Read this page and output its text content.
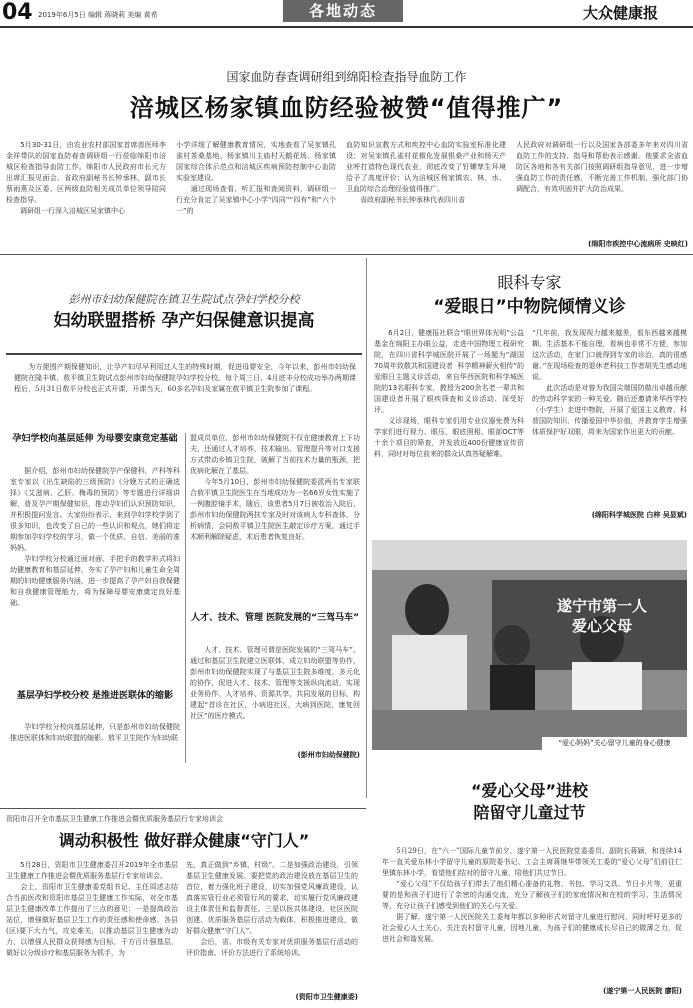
04 2019年6月5日 编辑 蒋晓莉 美编 黄希	各地动态	大众健康报
国家血防春查调研组到绵阳检查指导血防工作
涪城区杨家镇血防经验被赞“值得推广”
　　5月30-31日，由农业农村部国家首席兽医师李金祥带队的国家血防春查调研组一行莅临绵阳市涪城区检查指导血防工作。绵阳市人民政府市长元方出席汇报见面会。省政府副秘书长钟承林，副市长蔡雨燕及区委、区两级血防相关成员单位领导陪同检查指导。
　　调研组一行深入涪城区吴家镇中心
小学详细了解健康教育情况，实地查看了吴家镇孔雀村茶桑基地、杨家镇川主庙村天鹅花场、杨家镇国家综合体示范点和涪城区疾病预防控制中心血防实验室建设。
　　通过现场查看、听汇报和查阅资料，调研组一行充分肯定了吴家镇中心小学“四同”“四有”和“六个一”的
血防知识宣教方式和疾控中心血防实验室标准化建设；对吴家镇孔雀村花椒化发展银桑产业和杨天产业呼打造特色现代农业，彻底改变了钉螺孳生环境给予了高度评价；认为涪城区杨家镇农、林、水、卫血防综合治理经验值得推广。
　　省政府副秘书长钟承林代表四川省
人民政府对调研组一行以及国家各部委多年来对四川省血防工作的支持、指导和帮助表示感谢。他要求全省血防区各地和各有关部门按照调研组指导意见，进一步增强血防工作的责任感，不断完善工作机制，强化部门协调配合，有效巩固并扩大防治成果。
(绵阳市疾控中心流病所 史映红)
彭州市妇幼保健院在镇卫生院试点孕妇学校分校
妇幼联盟搭桥 孕产妇保健意识提高
　　为方便围产期保健知识，让孕产妇尽早利用过人生的特殊时期，促进母婴安全，今年以来，彭州市妇幼保健院在隆丰镇、敖平镇卫生院试点彭州市妇幼保健院孕妇学校分校。每个周三日、4月底丰分校成功举办两期课程后，5月31日敖平分校也正式开课，开课当天，60多名孕妇及家属在敖平镇卫生院参加了课程。
孕妇学校向基层延伸 为母婴安康竞定基础
　　据介绍，彭州市妇幼保健院孕产保健科、产科等科室专家以《出生缺陷的三级预防》《分娩方式的正确选择》《艾滋病、乙肝、梅毒的预防》等专题进行详细讲解，普及孕产期保健知识，推动孕妇们认识预防知识，并积极提问发言。大家纷纷表示，来到孕妇学校学到了很多知识，也改变了自己的一些认识和观点，她们将定期参加孕妇学校的学习，做一个优质、自信、美丽的准妈妈。
　　孕妇学校分校通过面对面、手把手的教学形式将妇幼健康教育和基层延伸，夯实了孕产妇和儿童生命全周期的妇幼健康服务内涵，进一步提高了孕产妇自我保健和自我健康管理能力，将为保障母婴安康奠定良好基础。
基层孕妇学校分校 是推进医联体的缩影
　　孕妇学校分校向基层延伸，只是彭州市妇幼保健院推进医联体和妇幼联盟的缩影。敖平卫生院作为妇幼联
盟成员单位，彭州市妇幼保健院不仅在健康教育上下功夫，还通过人才培养、技术输出、管理提升等对口支援方式带动乡镇卫生院，破解了当前技术力量的瓶颈，把优病化解在了基层。
　　今年5月10日，彭州市妇幼保健院委派两名专家联合敖平镇卫生院医生在当地成功为一名66岁女性实施了一例腹腔镜手术，随后，该患者5月7日被收治入院后，彭州市妇幼保健院两扶专家及时对该病人专科查体，分析病情，会同敖平镇卫生院医生敲定诊疗方案，通过手术顺利解除疑虑，术后患者恢复良好。
人才、技术、管理 医院发展的“三驾马车”
　　人才、技术、管理可谓是医院发展的“三驾马车”。通过和基层卫生院建立医联体，成立妇幼联盟等协作，彭州市妇幼保健院实现了与基层卫生院多维度，多元化的协作，促进人才、技术、管理等支援纵向流动，实现业务协作、人才培养、资源共享，共同发展的目标，构建起“首诊在社区，小病进社区，大病到医院，康复回社区”的医疗模式。
(彭州市妇幼保健院)
眼科专家
“爱眼日”中物院倾情义诊
　　6月2日，健康报社联合“眼世界体光明”公益基金在绵阳主办眼公益，走进中国物理工程研究院，在四川省科学城医院开展了一场题为“湖国70周年致敬共和国建设者  科学精神薪火相传”的爱眼日主题义诊活动，来自华西医院和科学城医院的13名眼科专家，教授为200余名老一辈共和国建设者开展了眼疾筛查和义诊活动、深受好评。
　　义诊现场，眼科专家们用专业仪器免费为科学家们进行视力、眼压、眼底照相、眼部OCT等十余个项目的筛查，并发放近400份健康宣传资料，同时对每位前来的群众认真答疑解难。
“几年前，我发现视力越来越差，看东西越来越模糊，生活基本不能自理，看病也非常不方便，参加这次活动，在家门口就得到专家的诊治，真的很感谢。”在现场检查的退休老科技工作者胡先生感动地说。
　　此次活动是对曾为我国尖端国防做出卓越贡献的劳动科学家的一种关爱。随后还邀请来华西学校（小学生）走进中物院，开展了爱国主义教育、科普国防知识、传播爱国中华价值，并教育学生增强体质保护好双眼，将来为国家作出更大的贡献。
(绵阳科学城医院 白梓 吴显斌)
遂宁市第一人
爱心父母
“爱心妈妈”关心留守儿童的身心健康
“爱心父母”进校
陪留守儿童过节
　　5月29日，在“六一”国际儿童节前夕，遂宁第一人民医院党委委员、副院长蒋颖，和连续14年一直关爱东林小学留守儿童的原院委书记、工会主席蒋继华带领关工委的“爱心父母”们前往仁里镇东林小学，看望他们结对的留守儿童，陪他们共过节日。
　　“爱心父母”不仅给孩子们带去了他们精心准备的礼物、书包、学习文具、节日卡片等，更重要的是和孩子们进行了亲密的沟通交流，充分了解孩子们的家庭情况和在校的学习、生活情况等，充分让孩子们感受到他们的关心与关爱。
　　据了解，遂宁第一人民医院关工委每年都以多种形式对留守儿童进行慰问，同时呼吁更多的社会爱心人士关心、关注农村留守儿童，因地儿童，为孩子们的健康成长尽自己的微薄之力，促进社会和谐发展。
(遂宁第一人民医院 廖阳)
资阳市召开全市基层卫生健康工作推进会暨优质服务基层行专家培训会
调动积极性 做好群众健康“守门人”
　　5月28日，资阳市卫生健康委召开2019年全市基层卫生健康工作推进会暨优质服务基层行专家培训会。
　　会上，资阳市卫生健康委党组书记、主任周述志结合当前医改和资阳市基层卫生健康工作实际，对全市基层卫生健康改革工作提出了三点的意见：一是提高政治站位，增强做好基层卫生工作的责任感和使命感。各县(区)要下大力气，攻克难关，以推动基层卫生健康为动力，以增强人民群众获得感为目标，千方百计强基层，做好以分级诊疗和基层服务为抓手，为
先，真正做到“乡镇、村级”。二是加强政治建设，引领基层卫生健康发展。要把党的政治建设放在基层卫生的首位，着力强化班子建设，切实加强党风廉政建设，认真落实管行业必须管行风的要求，切实履行党风廉政建设主体责任和监督责任。三是以医共体建设、社区医院创建、优质服务基层行活动为载体，积极推进建设，做好群众健康“守门人”。
　　会后，省、市级有关专家对优质服务基层行活动的评价指南、评价方法进行了系统培训。
(资阳市卫生健康委)
